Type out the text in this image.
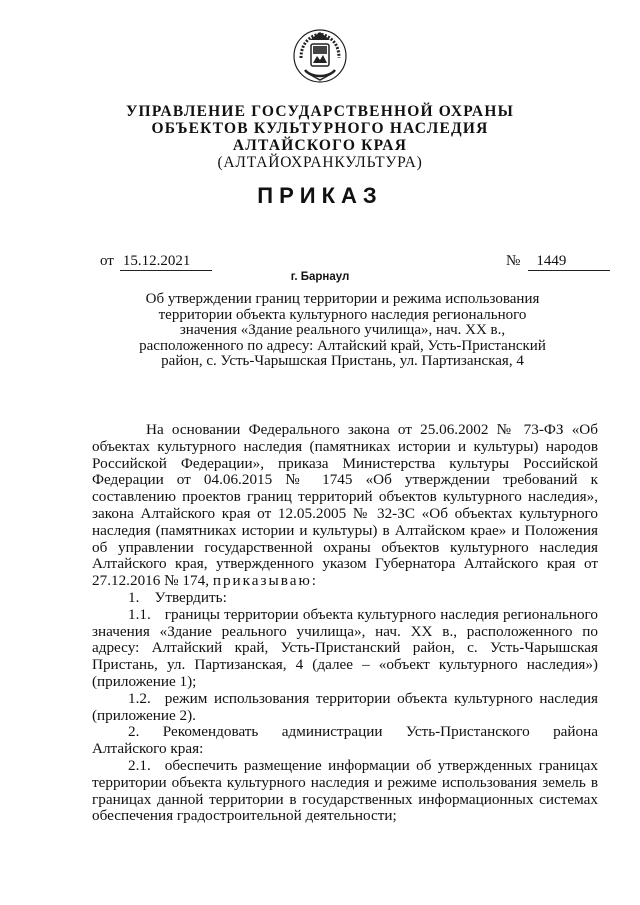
УПРАВЛЕНИЕ ГОСУДАРСТВЕННОЙ ОХРАНЫ
ОБЪЕКТОВ КУЛЬТУРНОГО НАСЛЕДИЯ
АЛТАЙСКОГО КРАЯ
(АЛТАЙОХРАНКУЛЬТУРА)
ПРИКАЗ
от 15.12.2021	№ 1449
г. Барнаул
Об утверждении границ территории и режима использования
территории объекта культурного наследия регионального
значения «Здание реального училища», нач. XX в.,
расположенного по адресу: Алтайский край, Усть-Пристанский
район, с. Усть-Чарышская Пристань, ул. Партизанская, 4

На основании Федерального закона от 25.06.2002 № 73-ФЗ «Об объектах культурного наследия (памятниках истории и культуры) народов Российской Федерации», приказа Министерства культуры Российской Федерации от 04.06.2015 № 1745 «Об утверждении требований к составлению проектов границ территорий объектов культурного наследия», закона Алтайского края от 12.05.2005 № 32-ЗС «Об объектах культурного наследия (памятниках истории и культуры) в Алтайском крае» и Положения об управлении государственной охраны объектов культурного наследия Алтайского края, утвержденного указом Губернатора Алтайского края от 27.12.2016 № 174, приказываю:

1. Утвердить:

1.1. границы территории объекта культурного наследия регионального значения «Здание реального училища», нач. XX в., расположенного по адресу: Алтайский край, Усть-Пристанский район, с. Усть-Чарышская Пристань, ул. Партизанская, 4 (далее – «объект культурного наследия») (приложение 1);

1.2. режим использования территории объекта культурного наследия (приложение 2).

2. Рекомендовать администрации Усть-Пристанского района Алтайского края:

2.1. обеспечить размещение информации об утвержденных границах территории объекта культурного наследия и режиме использования земель в границах данной территории в государственных информационных системах обеспечения градостроительной деятельности;
